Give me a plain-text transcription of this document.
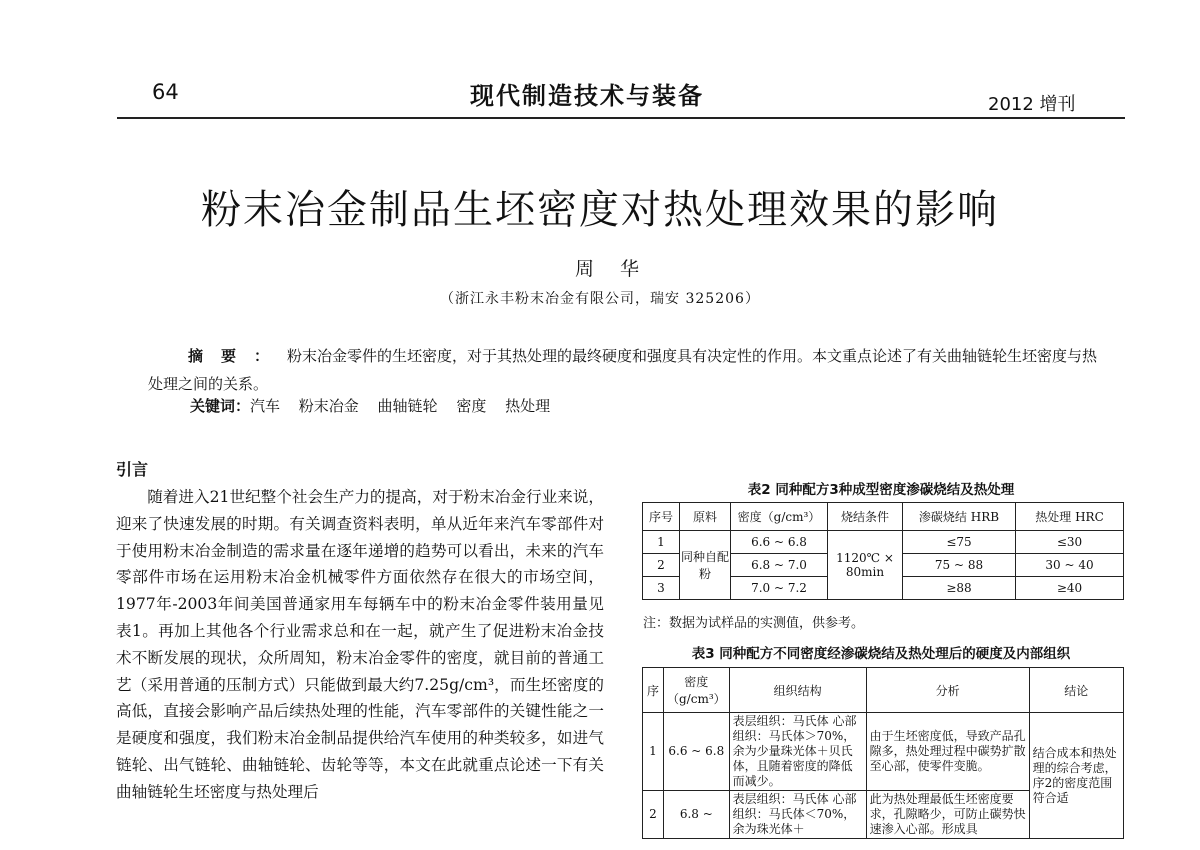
64	现代制造技术与装备	2012 增刊
粉末冶金制品生坯密度对热处理效果的影响
周华
（浙江永丰粉末冶金有限公司，瑞安 325206）
摘要：粉末冶金零件的生坯密度，对于其热处理的最终硬度和强度具有决定性的作用。本文重点论述了有关曲轴链轮生坯密度与热处理之间的关系。
关键词：汽车 粉末冶金 曲轴链轮 密度 热处理
引言
随着进入21世纪整个社会生产力的提高，对于粉末冶金行业来说，迎来了快速发展的时期。有关调查资料表明，单从近年来汽车零部件对于使用粉末冶金制造的需求量在逐年递增的趋势可以看出，未来的汽车零部件市场在运用粉末冶金机械零件方面依然存在很大的市场空间，1977年-2003年间美国普通家用车每辆车中的粉末冶金零件装用量见表1。再加上其他各个行业需求总和在一起，就产生了促进粉末冶金技术不断发展的现状，众所周知，粉末冶金零件的密度，就目前的普通工艺（采用普通的压制方式）只能做到最大约7.25g/cm³，而生坯密度的高低，直接会影响产品后续热处理的性能，汽车零部件的关键性能之一是硬度和强度，我们粉末冶金制品提供给汽车使用的种类较多，如进气链轮、出气链轮、曲轴链轮、齿轮等等，本文在此就重点论述一下有关曲轴链轮生坯密度与热处理后
表2 同种配方3种成型密度渗碳烧结及热处理
序号	原料	密度（g/cm³）	烧结条件	渗碳烧结 HRB	热处理 HRC
1	同种自配粉	6.6 ~ 6.8	1120℃ × 80min	≤75	≤30
2		6.8 ~ 7.0		75 ~ 88	30 ~ 40
3		7.0 ~ 7.2		≥88	≥40
注：数据为试样品的实测值，供参考。
表3 同种配方不同密度经渗碳烧结及热处理后的硬度及内部组织
序	密度（g/cm³）	组织结构	分析	结论
1	6.6 ~ 6.8	表层组织：马氏体 心部组织：马氏体＞70%，余为少量珠光体＋贝氏体，且随着密度的降低而减少。	由于生坯密度低，导致产品孔隙多，热处理过程中碳势扩散至心部，使零件变脆。	结合成本和热处理的综合考虑，序2的密度范围符合适
2	6.8 ~	表层组织：马氏体 心部组织：马氏体＜70%，余为珠光体＋	此为热处理最低生坯密度要求，孔隙略少，可防止碳势快速渗入心部。形成具	
